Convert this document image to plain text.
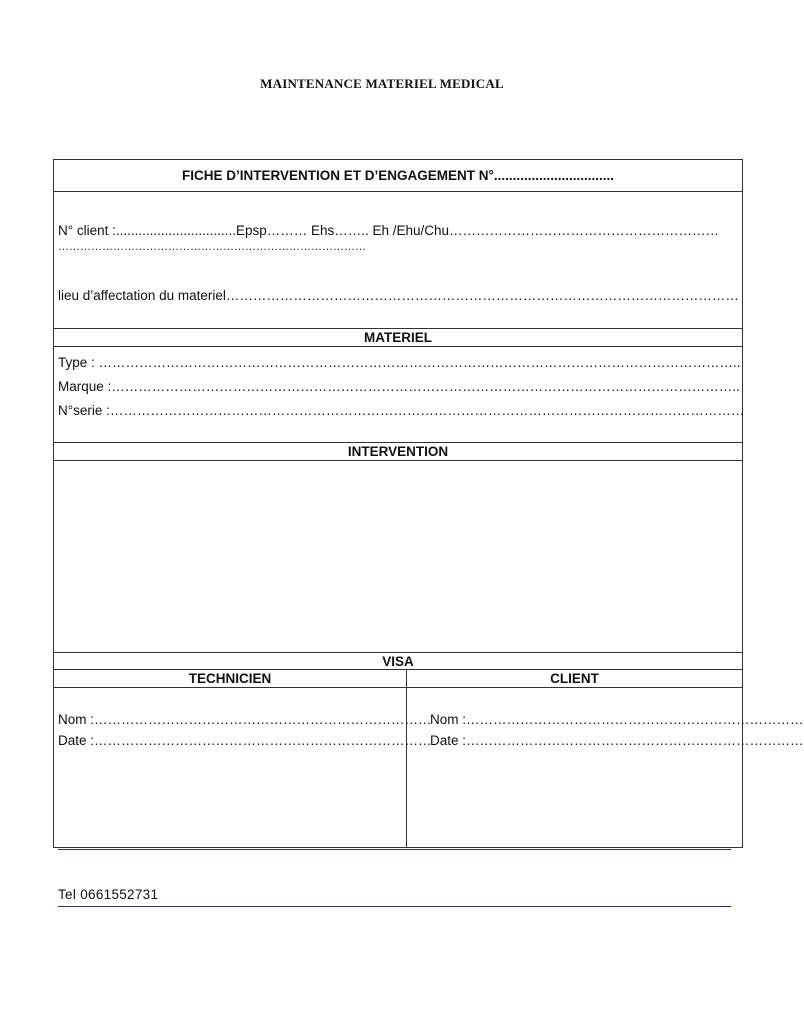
MAINTENANCE MATERIEL MEDICAL
FICHE D’INTERVENTION ET D’ENGAGEMENT N°................................
N° client :................................Epsp……… Ehs…….. Eh /Ehu/Chu……………………………………………………
…………………………………………………………………………
lieu d’affectation du materiel……………………………………………………………………………………………………
MATERIEL
Type : ……………………………………………………………………………………………………………………………..
Marque :…………………………………………………………………………………………………………………………..
N°serie :……………………………………………………………………………………………………………………………
INTERVENTION
VISA
TECHNICIEN	CLIENT
Nom :…………………………………………………………………
Date :…………………………………………………………………
Nom :…………………………………………………………………
Date :…………………………………………………………………
Tel 0661552731
